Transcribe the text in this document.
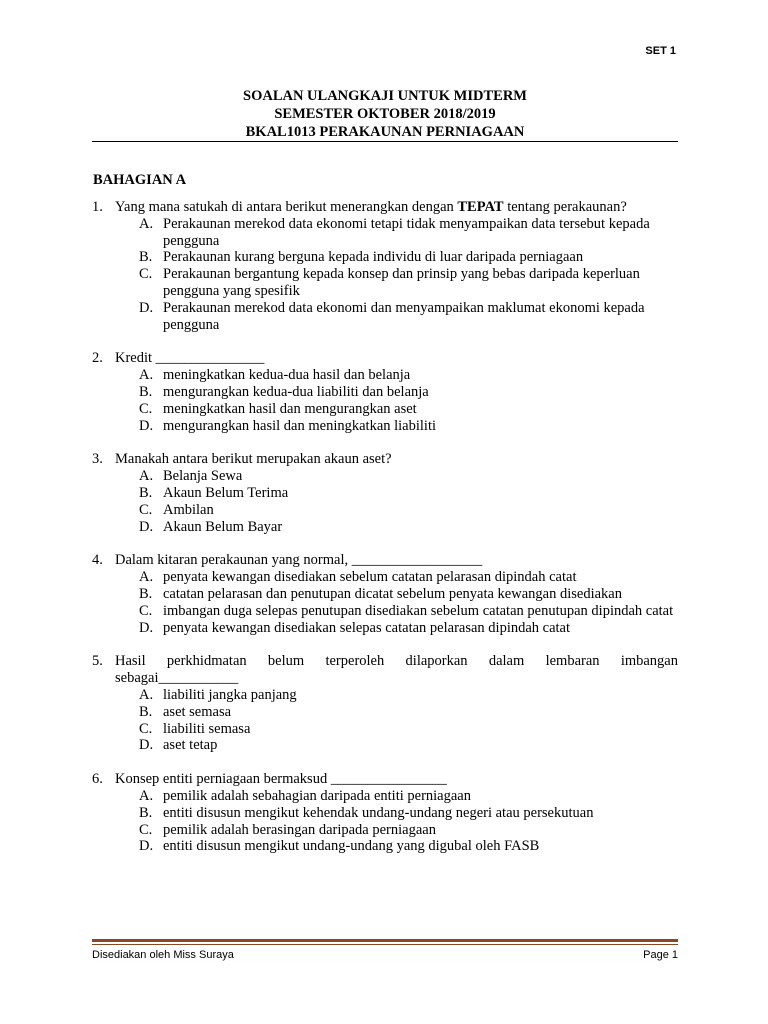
SET 1
SOALAN ULANGKAJI UNTUK MIDTERM
SEMESTER OKTOBER 2018/2019
BKAL1013 PERAKAUNAN PERNIAGAAN
BAHAGIAN A
1. Yang mana satukah di antara berikut menerangkan dengan TEPAT tentang perakaunan?
A. Perakaunan merekod data ekonomi tetapi tidak menyampaikan data tersebut kepada pengguna
B. Perakaunan kurang berguna kepada individu di luar daripada perniagaan
C. Perakaunan bergantung kepada konsep dan prinsip yang bebas daripada keperluan pengguna yang spesifik
D. Perakaunan merekod data ekonomi dan menyampaikan maklumat ekonomi kepada pengguna
2. Kredit _______________
A. meningkatkan kedua-dua hasil dan belanja
B. mengurangkan kedua-dua liabiliti dan belanja
C. meningkatkan hasil dan mengurangkan aset
D. mengurangkan hasil dan meningkatkan liabiliti
3. Manakah antara berikut merupakan akaun aset?
A. Belanja Sewa
B. Akaun Belum Terima
C. Ambilan
D. Akaun Belum Bayar
4. Dalam kitaran perakaunan yang normal, __________________
A. penyata kewangan disediakan sebelum catatan pelarasan dipindah catat
B. catatan pelarasan dan penutupan dicatat sebelum penyata kewangan disediakan
C. imbangan duga selepas penutupan disediakan sebelum catatan penutupan dipindah catat
D. penyata kewangan disediakan selepas catatan pelarasan dipindah catat
5. Hasil perkhidmatan belum terperoleh dilaporkan dalam lembaran imbangan
sebagai___________
A. liabiliti jangka panjang
B. aset semasa
C. liabiliti semasa
D. aset tetap
6. Konsep entiti perniagaan bermaksud ________________
A. pemilik adalah sebahagian daripada entiti perniagaan
B. entiti disusun mengikut kehendak undang-undang negeri atau persekutuan
C. pemilik adalah berasingan daripada perniagaan
D. entiti disusun mengikut undang-undang yang digubal oleh FASB
Disediakan oleh Miss Suraya	Page 1
